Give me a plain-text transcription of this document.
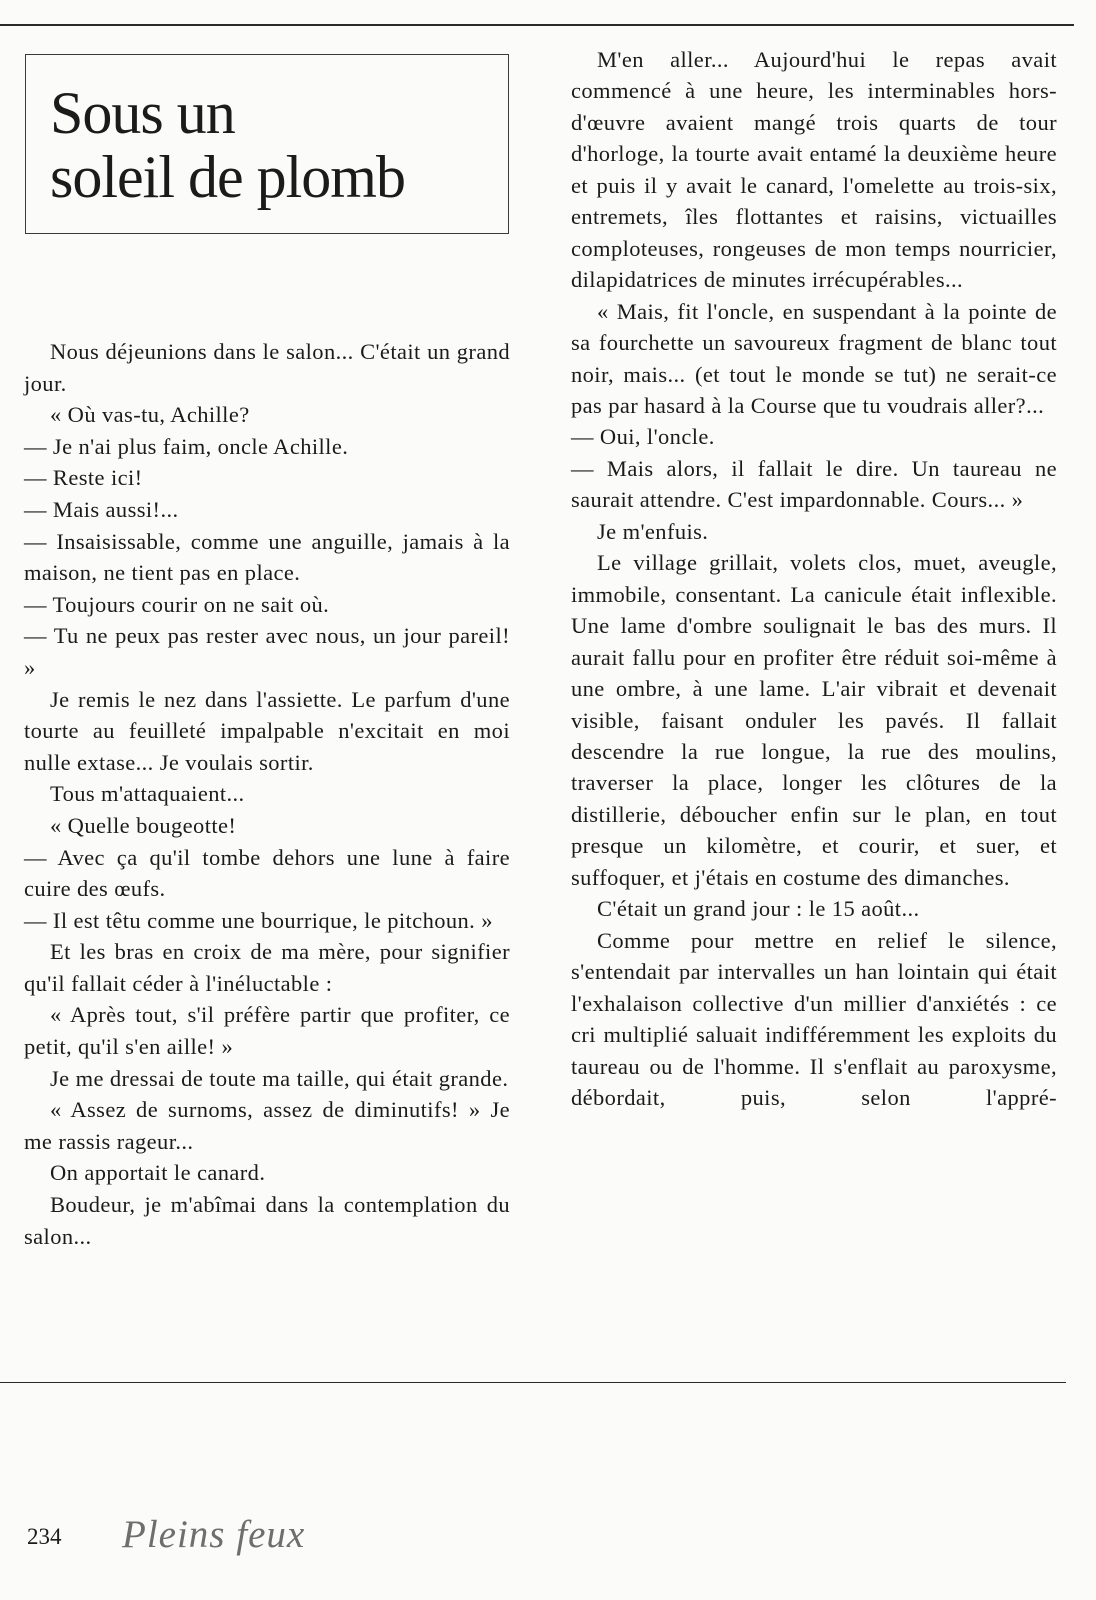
Sous un
soleil de plomb

Nous déjeunions dans le salon... C'était un grand jour.

« Où vas-tu, Achille?

— Je n'ai plus faim, oncle Achille.

— Reste ici!

— Mais aussi!...

— Insaisissable, comme une anguille, jamais à la maison, ne tient pas en place.

— Toujours courir on ne sait où.

— Tu ne peux pas rester avec nous, un jour pareil! »

Je remis le nez dans l'assiette. Le parfum d'une tourte au feuilleté impalpable n'excitait en moi nulle extase... Je voulais sortir.

Tous m'attaquaient...

« Quelle bougeotte!

— Avec ça qu'il tombe dehors une lune à faire cuire des œufs.

— Il est têtu comme une bourrique, le pitchoun. »

Et les bras en croix de ma mère, pour signifier qu'il fallait céder à l'inéluctable :

« Après tout, s'il préfère partir que profiter, ce petit, qu'il s'en aille! »

Je me dressai de toute ma taille, qui était grande.

« Assez de surnoms, assez de diminutifs! » Je me rassis rageur...

On apportait le canard.

Boudeur, je m'abîmai dans la contemplation du salon...

M'en aller... Aujourd'hui le repas avait commencé à une heure, les interminables hors-d'œuvre avaient mangé trois quarts de tour d'horloge, la tourte avait entamé la deuxième heure et puis il y avait le canard, l'omelette au trois-six, entremets, îles flottantes et raisins, victuailles comploteuses, rongeuses de mon temps nourricier, dilapidatrices de minutes irrécupérables...

« Mais, fit l'oncle, en suspendant à la pointe de sa fourchette un savoureux fragment de blanc tout noir, mais... (et tout le monde se tut) ne serait-ce pas par hasard à la Course que tu voudrais aller?...

— Oui, l'oncle.

— Mais alors, il fallait le dire. Un taureau ne saurait attendre. C'est impardonnable. Cours... »

Je m'enfuis.

Le village grillait, volets clos, muet, aveugle, immobile, consentant. La canicule était inflexible. Une lame d'ombre soulignait le bas des murs. Il aurait fallu pour en profiter être réduit soi-même à une ombre, à une lame. L'air vibrait et devenait visible, faisant onduler les pavés. Il fallait descendre la rue longue, la rue des moulins, traverser la place, longer les clôtures de la distillerie, déboucher enfin sur le plan, en tout presque un kilomètre, et courir, et suer, et suffoquer, et j'étais en costume des dimanches.

C'était un grand jour : le 15 août...

Comme pour mettre en relief le silence, s'entendait par intervalles un han lointain qui était l'exhalaison collective d'un millier d'anxiétés : ce cri multiplié saluait indifféremment les exploits du taureau ou de l'homme. Il s'enflait au paroxysme, débordait, puis, selon l'appré-

234 Pleins feux
